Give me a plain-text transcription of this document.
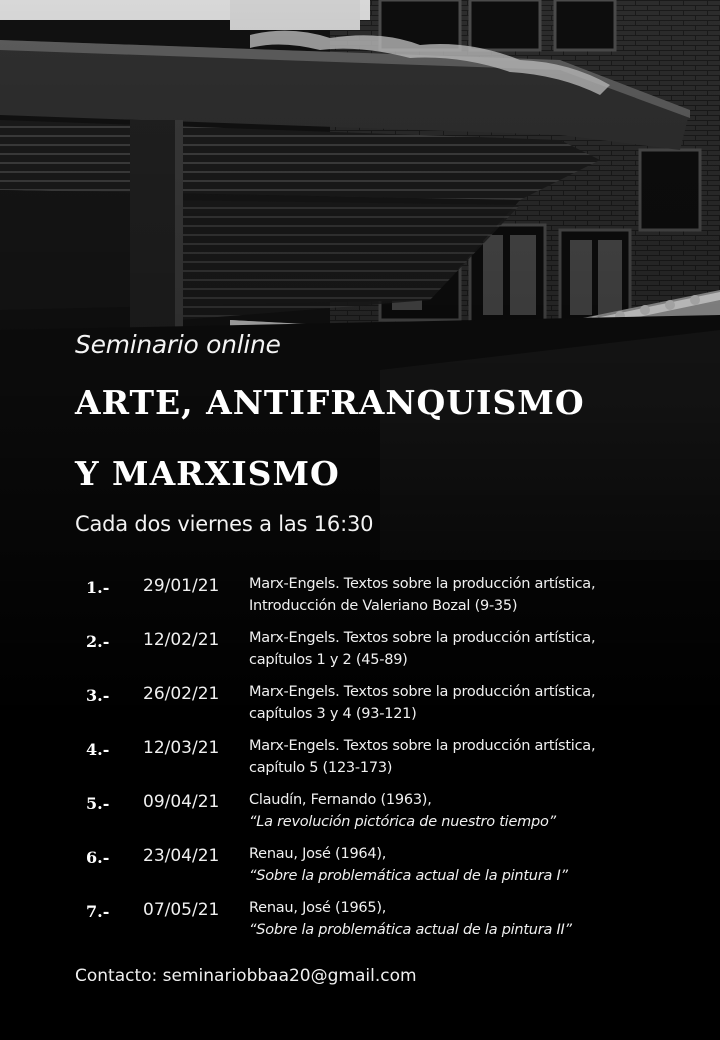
Seminario online
ARTE, ANTIFRANQUISMO
Y MARXISMO
Cada dos viernes a las 16:30
1.- 29/01/21 Marx-Engels. Textos sobre la producción artística,
Introducción de Valeriano Bozal (9-35)
2.- 12/02/21 Marx-Engels. Textos sobre la producción artística,
capítulos 1 y 2 (45-89)
3.- 26/02/21 Marx-Engels. Textos sobre la producción artística,
capítulos 3 y 4 (93-121)
4.- 12/03/21 Marx-Engels. Textos sobre la producción artística,
capítulo 5 (123-173)
5.- 09/04/21 Claudín, Fernando (1963),
“La revolución pictórica de nuestro tiempo”
6.- 23/04/21 Renau, José (1964),
“Sobre la problemática actual de la pintura I”
7.- 07/05/21 Renau, José (1965),
“Sobre la problemática actual de la pintura II”
Contacto: seminariobbaa20@gmail.com
